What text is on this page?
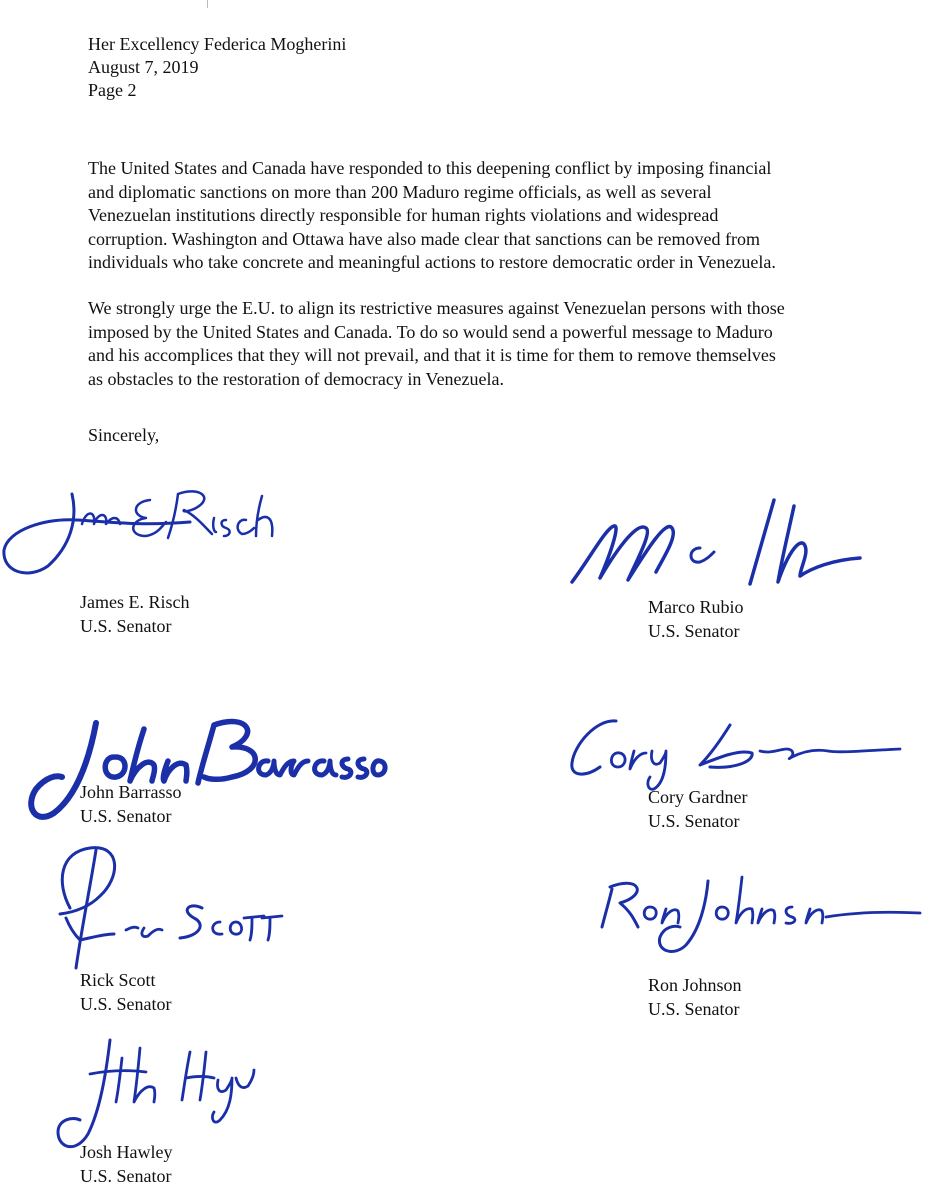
Her Excellency Federica Mogherini
August 7, 2019
Page 2

The United States and Canada have responded to this deepening conflict by imposing financial
and diplomatic sanctions on more than 200 Maduro regime officials, as well as several
Venezuelan institutions directly responsible for human rights violations and widespread
corruption. Washington and Ottawa have also made clear that sanctions can be removed from
individuals who take concrete and meaningful actions to restore democratic order in Venezuela.

We strongly urge the E.U. to align its restrictive measures against Venezuelan persons with those
imposed by the United States and Canada. To do so would send a powerful message to Maduro
and his accomplices that they will not prevail, and that it is time for them to remove themselves
as obstacles to the restoration of democracy in Venezuela.

Sincerely,
James E. Risch
U.S. Senator
Marco Rubio
U.S. Senator
John Barrasso
U.S. Senator
Cory Gardner
U.S. Senator
Rick Scott
U.S. Senator
Ron Johnson
U.S. Senator
Josh Hawley
U.S. Senator
